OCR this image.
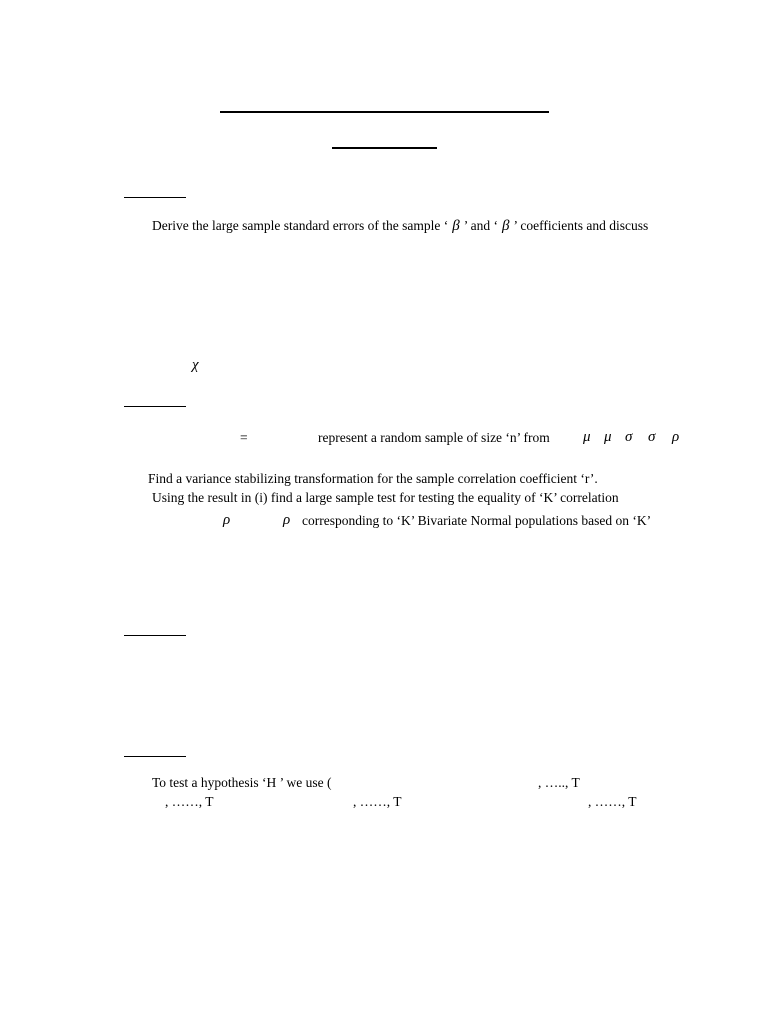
Derive the large sample standard errors of the sample ‘ β ’ and ‘ β ’ coefficients and discuss
χ
=	represent a random sample of size ‘n’ from μ μ σ σ ρ
Find a variance stabilizing transformation for the sample correlation coefficient ‘r’.
Using the result in (i) find a large sample test for testing the equality of ‘K’ correlation
ρ	ρ corresponding to ‘K’ Bivariate Normal populations based on ‘K’
To test a hypothesis ‘H ’ we use (	, ….., T
, ……, T	, ……, T	, ……, T
